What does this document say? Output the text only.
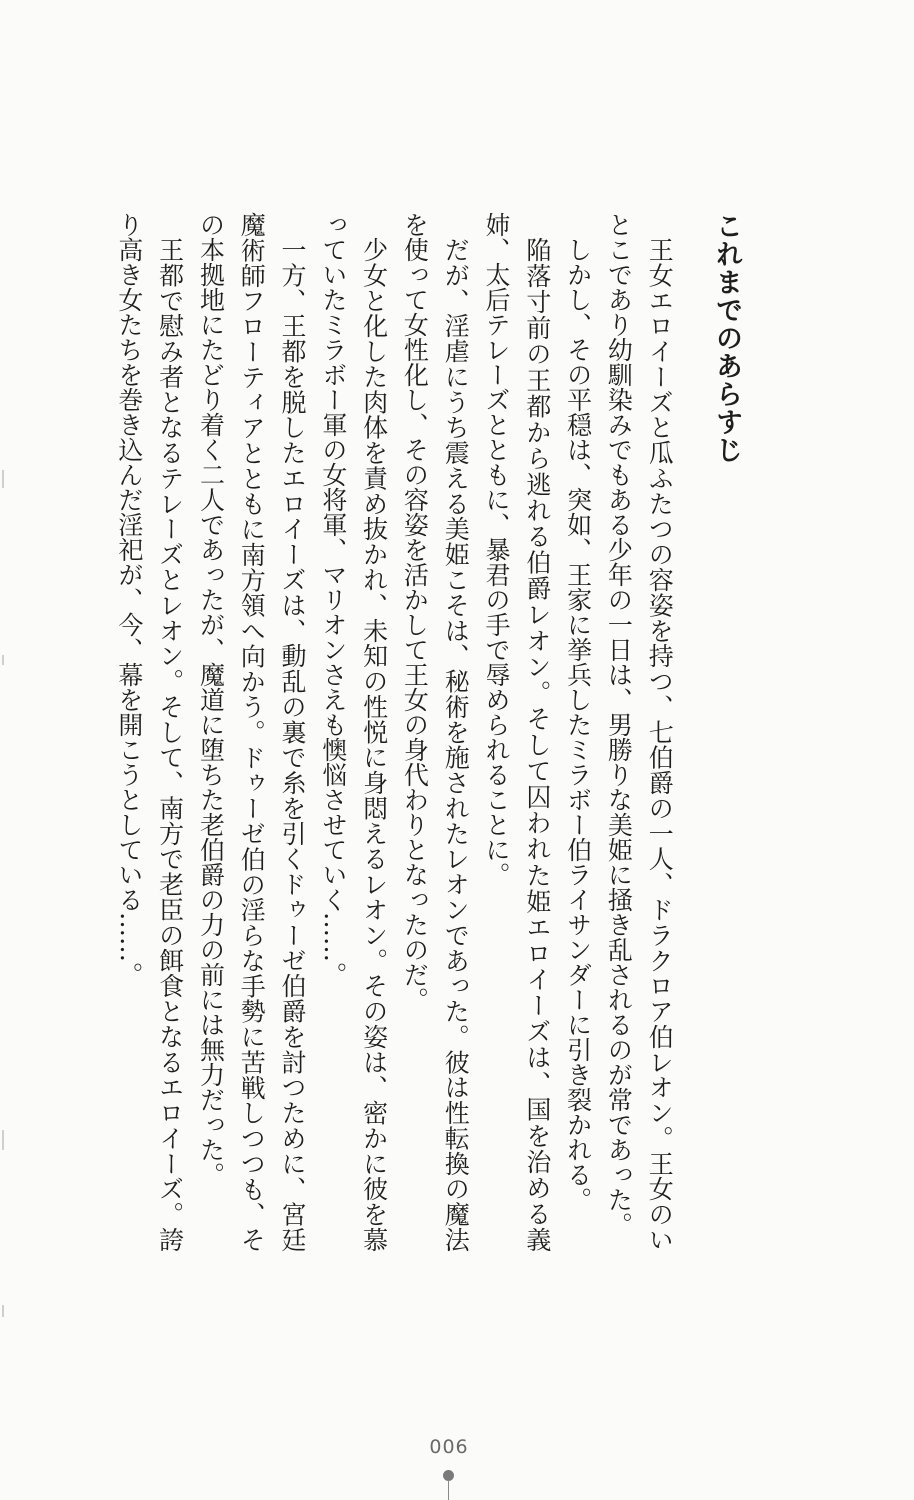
これまでのあらすじ

王女エロイーズと瓜ふたつの容姿を持つ、七伯爵の一人、ドラクロア伯レオン。王女のいとこであり幼馴染みでもある少年の一日は、男勝りな美姫に掻き乱されるのが常であった。

しかし、その平穏は、突如、王家に挙兵したミラボー伯ライサンダーに引き裂かれる。

陥落寸前の王都から逃れる伯爵レオン。そして囚われた姫エロイーズは、国を治める義姉、太后テレーズとともに、暴君の手で辱められることに。

だが、淫虐にうち震える美姫こそは、秘術を施されたレオンであった。彼は性転換の魔法を使って女性化し、その容姿を活かして王女の身代わりとなったのだ。

少女と化した肉体を責め抜かれ、未知の性悦に身悶えるレオン。その姿は、密かに彼を慕っていたミラボー軍の女将軍、マリオンさえも懊悩させていく……。

一方、王都を脱したエロイーズは、動乱の裏で糸を引くドゥーゼ伯爵を討つために、宮廷魔術師フローティアとともに南方領へ向かう。ドゥーゼ伯の淫らな手勢に苦戦しつつも、その本拠地にたどり着く二人であったが、魔道に堕ちた老伯爵の力の前には無力だった。

王都で慰み者となるテレーズとレオン。そして、南方で老臣の餌食となるエロイーズ。誇り高き女たちを巻き込んだ淫祀が、今、幕を開こうとしている……。

006
